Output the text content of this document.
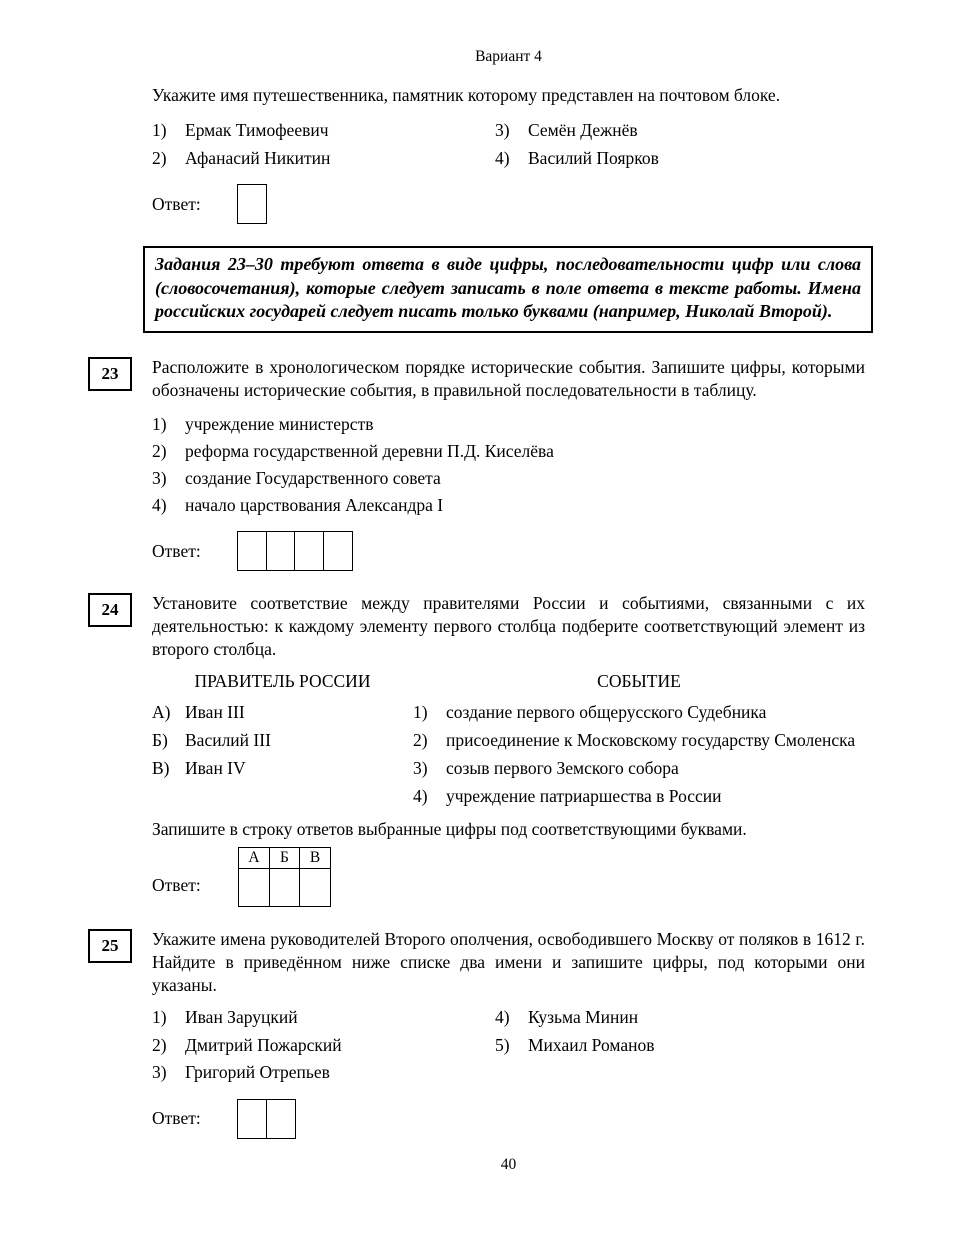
Вариант 4
Укажите имя путешественника, памятник которому представлен на почтовом блоке.
1)	Ермак Тимофеевич
2)	Афанасий Никитин
3)	Семён Дежнёв
4)	Василий Поярков
Ответ:
Задания 23–30 требуют ответа в виде цифры, последовательности цифр или слова (словосочетания), которые следует записать в поле ответа в тексте работы. Имена российских государей следует писать только буквами (например, Николай Второй).
23	Расположите в хронологическом порядке исторические события. Запишите цифры, которыми обозначены исторические события, в правильной последовательности в таблицу.
1)	учреждение министерств
2)	реформа государственной деревни П.Д. Киселёва
3)	создание Государственного совета
4)	начало царствования Александра I
Ответ:
24	Установите соответствие между правителями России и событиями, связанными с их деятельностью: к каждому элементу первого столбца подберите соответствующий элемент из второго столбца.
ПРАВИТЕЛЬ РОССИИ	СОБЫТИЕ
А) Иван III
Б) Василий III
В) Иван IV
1)	создание первого общерусского Судебника
2)	присоединение к Московскому государству Смоленска
3)	созыв первого Земского собора
4)	учреждение патриаршества в России
Запишите в строку ответов выбранные цифры под соответствующими буквами.
Ответ:
А	Б	В
25	Укажите имена руководителей Второго ополчения, освободившего Москву от поляков в 1612 г. Найдите в приведённом ниже списке два имени и запишите цифры, под которыми они указаны.
1)	Иван Заруцкий
2)	Дмитрий Пожарский
3)	Григорий Отрепьев
4)	Кузьма Минин
5)	Михаил Романов
Ответ:
40
